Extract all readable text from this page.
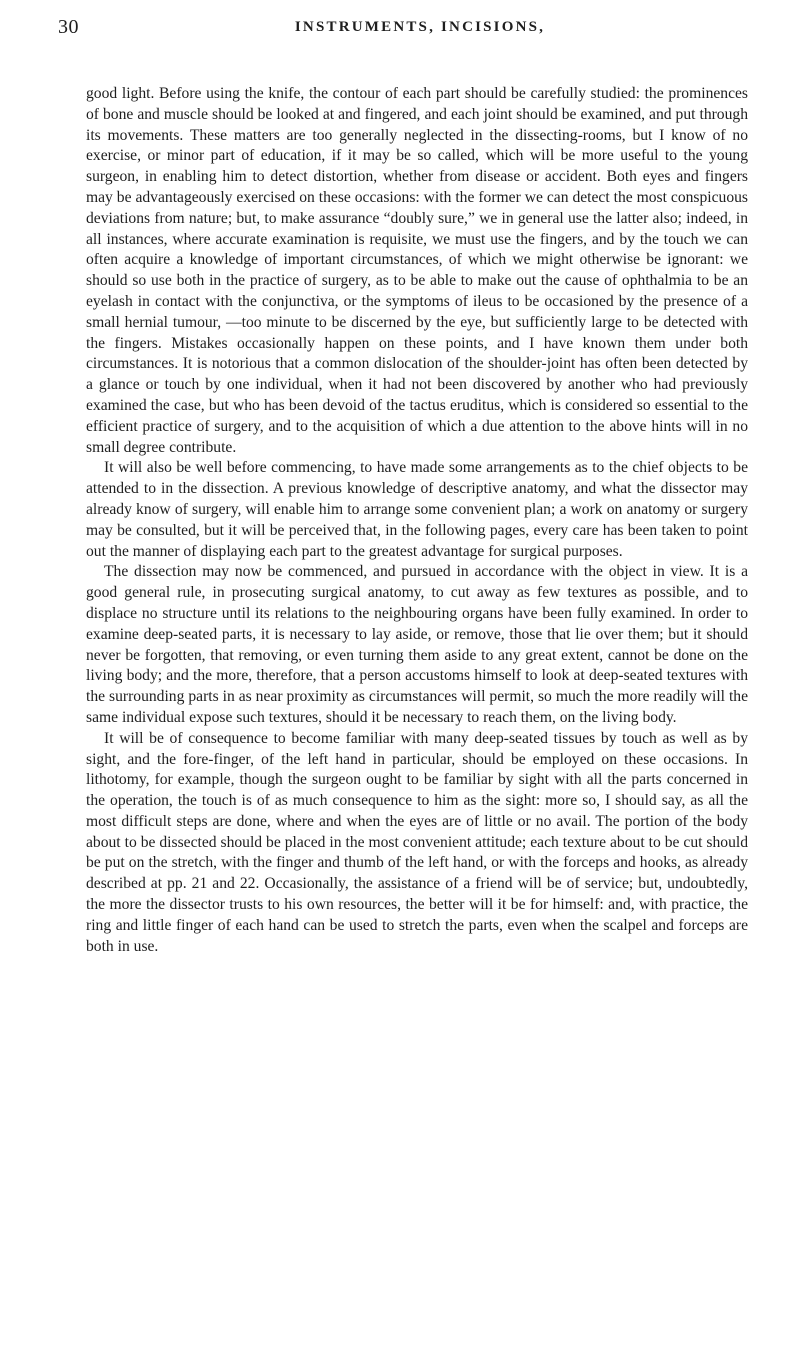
30	INSTRUMENTS, INCISIONS,

good light. Before using the knife, the contour of each part should be carefully studied: the prominences of bone and muscle should be looked at and fingered, and each joint should be examined, and put through its movements. These matters are too generally neglected in the dissecting-rooms, but I know of no exercise, or minor part of education, if it may be so called, which will be more useful to the young surgeon, in enabling him to detect distortion, whether from disease or accident. Both eyes and fingers may be advantageously exercised on these occasions: with the former we can detect the most conspicuous deviations from nature; but, to make assurance “doubly sure,” we in general use the latter also; indeed, in all instances, where accurate examination is requisite, we must use the fingers, and by the touch we can often acquire a knowledge of important circumstances, of which we might otherwise be ignorant: we should so use both in the practice of surgery, as to be able to make out the cause of ophthalmia to be an eyelash in contact with the conjunctiva, or the symptoms of ileus to be occasioned by the presence of a small hernial tumour, —too minute to be discerned by the eye, but sufficiently large to be detected with the fingers. Mistakes occasionally happen on these points, and I have known them under both circumstances. It is notorious that a common dislocation of the shoulder-joint has often been detected by a glance or touch by one individual, when it had not been discovered by another who had previously examined the case, but who has been devoid of the tactus eruditus, which is considered so essential to the efficient practice of surgery, and to the acquisition of which a due attention to the above hints will in no small degree contribute.

It will also be well before commencing, to have made some arrangements as to the chief objects to be attended to in the dissection. A previous knowledge of descriptive anatomy, and what the dissector may already know of surgery, will enable him to arrange some convenient plan; a work on anatomy or surgery may be consulted, but it will be perceived that, in the following pages, every care has been taken to point out the manner of displaying each part to the greatest advantage for surgical purposes.

The dissection may now be commenced, and pursued in accordance with the object in view. It is a good general rule, in prosecuting surgical anatomy, to cut away as few textures as possible, and to displace no structure until its relations to the neighbouring organs have been fully examined. In order to examine deep-seated parts, it is necessary to lay aside, or remove, those that lie over them; but it should never be forgotten, that removing, or even turning them aside to any great extent, cannot be done on the living body; and the more, therefore, that a person accustoms himself to look at deep-seated textures with the surrounding parts in as near proximity as circumstances will permit, so much the more readily will the same individual expose such textures, should it be necessary to reach them, on the living body.

It will be of consequence to become familiar with many deep-seated tissues by touch as well as by sight, and the fore-finger, of the left hand in particular, should be employed on these occasions. In lithotomy, for example, though the surgeon ought to be familiar by sight with all the parts concerned in the operation, the touch is of as much consequence to him as the sight: more so, I should say, as all the most difficult steps are done, where and when the eyes are of little or no avail. The portion of the body about to be dissected should be placed in the most convenient attitude; each texture about to be cut should be put on the stretch, with the finger and thumb of the left hand, or with the forceps and hooks, as already described at pp. 21 and 22. Occasionally, the assistance of a friend will be of service; but, undoubtedly, the more the dissector trusts to his own resources, the better will it be for himself: and, with practice, the ring and little finger of each hand can be used to stretch the parts, even when the scalpel and forceps are both in use.
